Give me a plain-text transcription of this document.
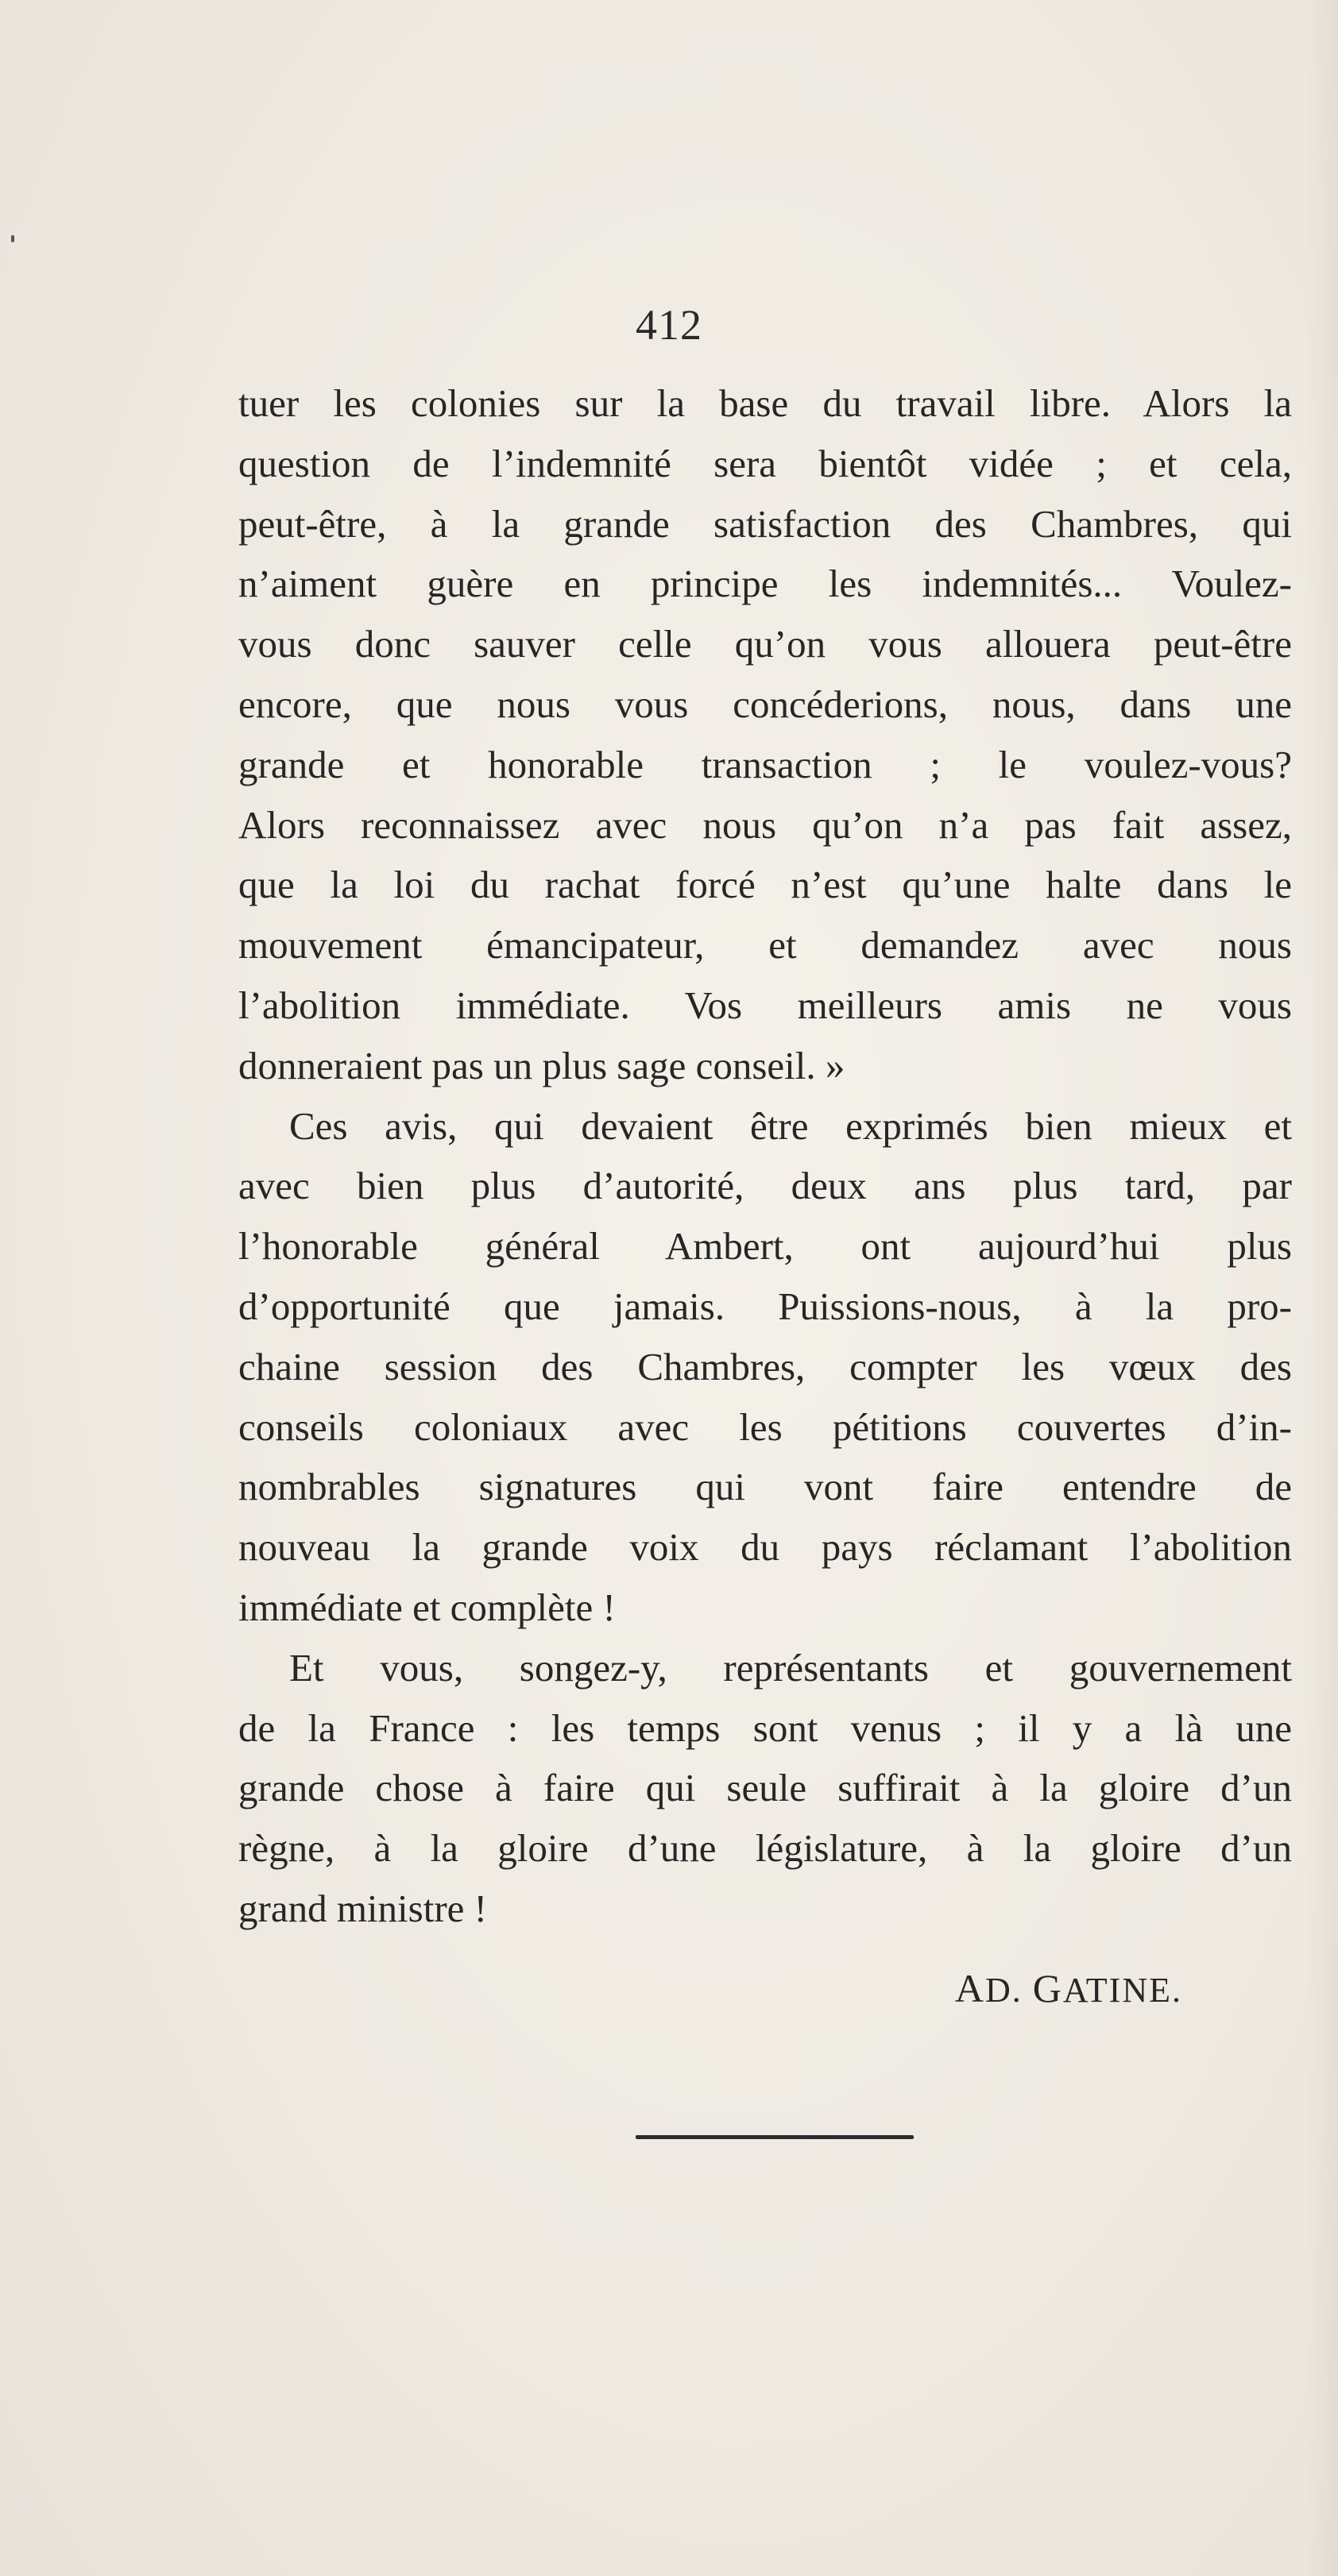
412
tuer les colonies sur la base du travail libre. Alors la
question de l’indemnité sera bientôt vidée ; et cela,
peut-être, à la grande satisfaction des Chambres, qui
n’aiment guère en principe les indemnités... Voulez-
vous donc sauver celle qu’on vous allouera peut-être
encore, que nous vous concéderions, nous, dans une
grande et honorable transaction ; le voulez-vous?
Alors reconnaissez avec nous qu’on n’a pas fait assez,
que la loi du rachat forcé n’est qu’une halte dans le
mouvement émancipateur, et demandez avec nous
l’abolition immédiate. Vos meilleurs amis ne vous
donneraient pas un plus sage conseil. »
Ces avis, qui devaient être exprimés bien mieux et
avec bien plus d’autorité, deux ans plus tard, par
l’honorable général Ambert, ont aujourd’hui plus
d’opportunité que jamais. Puissions-nous, à la pro-
chaine session des Chambres, compter les vœux des
conseils coloniaux avec les pétitions couvertes d’in-
nombrables signatures qui vont faire entendre de
nouveau la grande voix du pays réclamant l’abolition
immédiate et complète !
Et vous, songez-y, représentants et gouvernement
de la France : les temps sont venus ; il y a là une
grande chose à faire qui seule suffirait à la gloire d’un
règne, à la gloire d’une législature, à la gloire d’un
grand ministre !
AD. GATINE.
